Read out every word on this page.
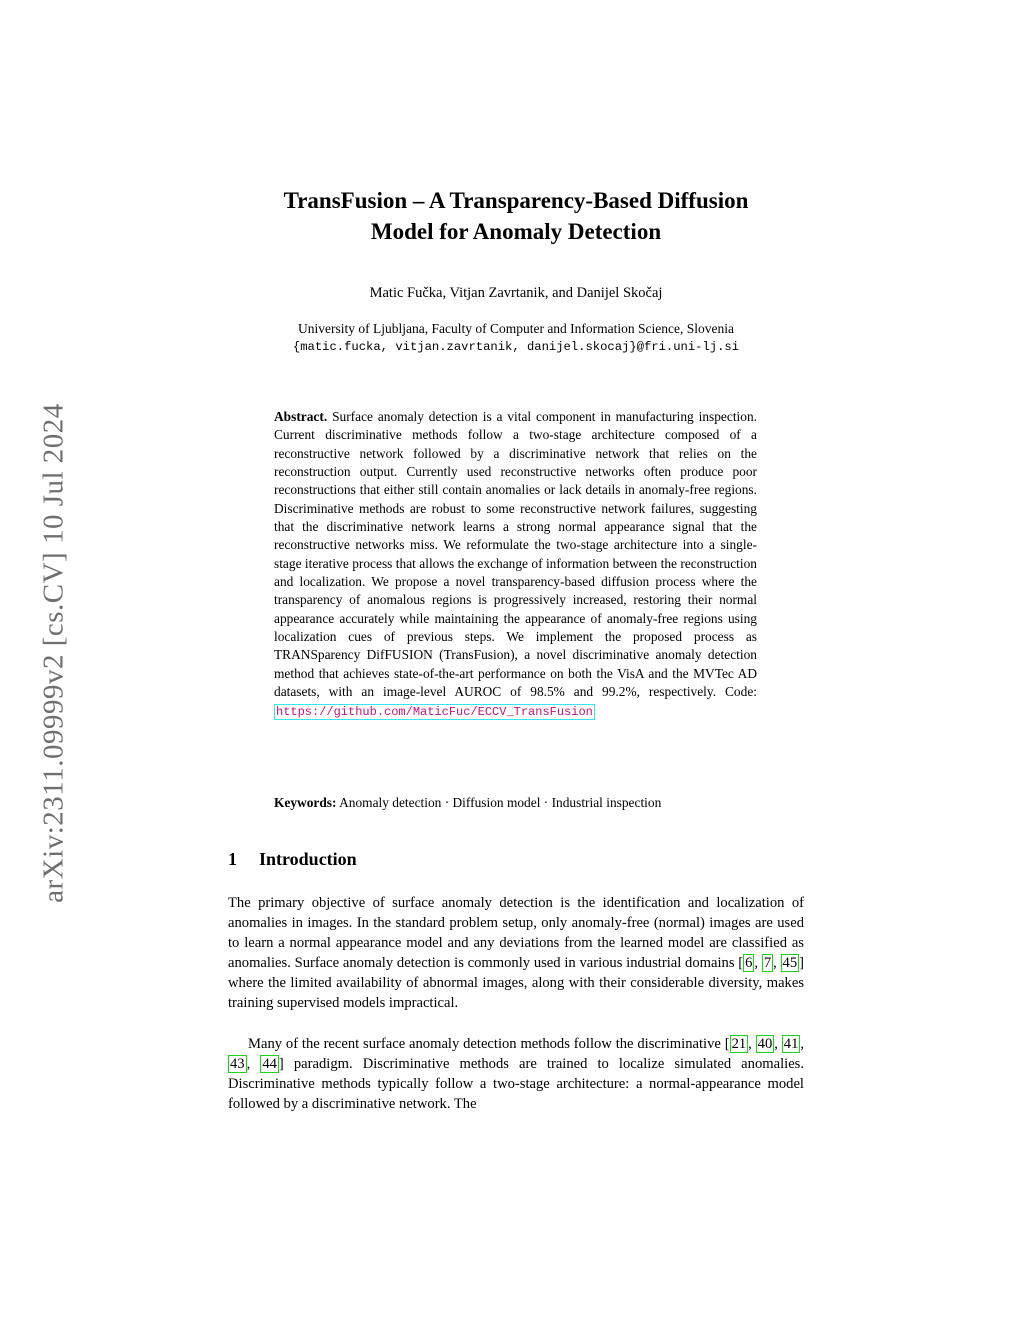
arXiv:2311.09999v2 [cs.CV] 10 Jul 2024
TransFusion – A Transparency-Based Diffusion
Model for Anomaly Detection
Matic Fučka, Vitjan Zavrtanik, and Danijel Skočaj
University of Ljubljana, Faculty of Computer and Information Science, Slovenia
{matic.fucka, vitjan.zavrtanik, danijel.skocaj}@fri.uni-lj.si
Abstract. Surface anomaly detection is a vital component in manufacturing inspection. Current discriminative methods follow a two-stage architecture composed of a reconstructive network followed by a discriminative network that relies on the reconstruction output. Currently used reconstructive networks often produce poor reconstructions that either still contain anomalies or lack details in anomaly-free regions. Discriminative methods are robust to some reconstructive network failures, suggesting that the discriminative network learns a strong normal appearance signal that the reconstructive networks miss. We reformulate the two-stage architecture into a single-stage iterative process that allows the exchange of information between the reconstruction and localization. We propose a novel transparency-based diffusion process where the transparency of anomalous regions is progressively increased, restoring their normal appearance accurately while maintaining the appearance of anomaly-free regions using localization cues of previous steps. We implement the proposed process as TRANSparency DifFUSION (TransFusion), a novel discriminative anomaly detection method that achieves state-of-the-art performance on both the VisA and the MVTec AD datasets, with an image-level AUROC of 98.5% and 99.2%, respectively. Code: https://github.com/MaticFuc/ECCV_TransFusion
Keywords: Anomaly detection · Diffusion model · Industrial inspection
1 Introduction
The primary objective of surface anomaly detection is the identification and localization of anomalies in images. In the standard problem setup, only anomaly-free (normal) images are used to learn a normal appearance model and any deviations from the learned model are classified as anomalies. Surface anomaly detection is commonly used in various industrial domains [ 6 , 7 , 45 ] where the limited availability of abnormal images, along with their considerable diversity, makes training supervised models impractical.
Many of the recent surface anomaly detection methods follow the discriminative [ 21 , 40 , 41 , 43 , 44 ] paradigm. Discriminative methods are trained to localize simulated anomalies. Discriminative methods typically follow a two-stage architecture: a normal-appearance model followed by a discriminative network. The
